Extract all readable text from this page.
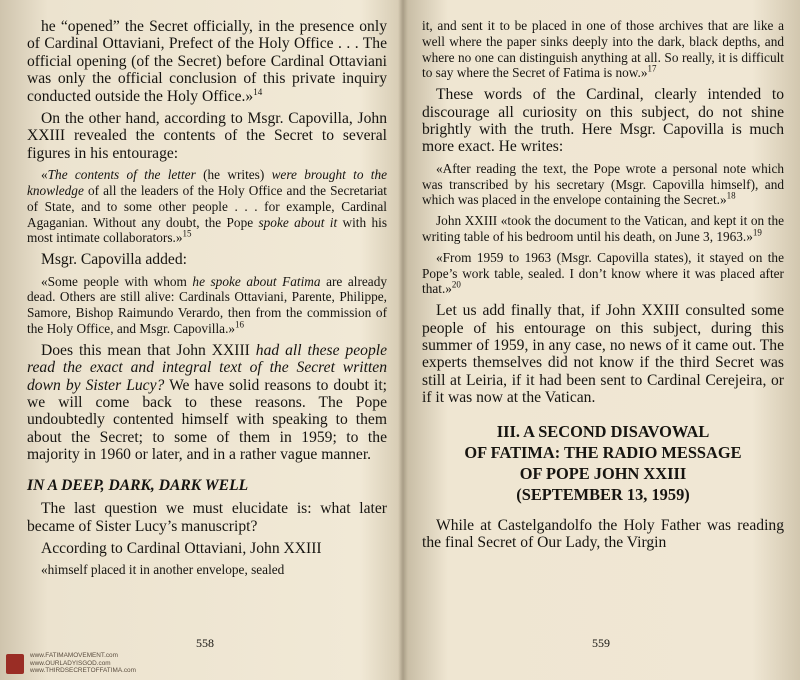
he “opened” the Secret officially, in the presence only of Cardinal Ottaviani, Prefect of the Holy Office . . . The official opening (of the Secret) before Cardinal Ottaviani was only the official conclusion of this private inquiry conducted outside the Holy Office.»$^{14}$

On the other hand, according to Msgr. Capovilla, John XXIII revealed the contents of the Secret to several figures in his entourage:

«The contents of the letter (he writes) were brought to the knowledge of all the leaders of the Holy Office and the Secretariat of State, and to some other people . . . for example, Cardinal Agaganian. Without any doubt, the Pope spoke about it with his most intimate collaborators.»$^{15}$

Msgr. Capovilla added:

«Some people with whom he spoke about Fatima are already dead. Others are still alive: Cardinals Ottaviani, Parente, Philippe, Samore, Bishop Raimundo Verardo, then from the commission of the Holy Office, and Msgr. Capovilla.»$^{16}$

Does this mean that John XXIII had all these people read the exact and integral text of the Secret written down by Sister Lucy? We have solid reasons to doubt it; we will come back to these reasons. The Pope undoubtedly contented himself with speaking to them about the Secret; to some of them in 1959; to the majority in 1960 or later, and in a rather vague manner.

IN A DEEP, DARK, DARK WELL

The last question we must elucidate is: what later became of Sister Lucy’s manuscript?

According to Cardinal Ottaviani, John XXIII

«himself placed it in another envelope, sealed

558

it, and sent it to be placed in one of those archives that are like a well where the paper sinks deeply into the dark, black depths, and where no one can distinguish anything at all. So really, it is difficult to say where the Secret of Fatima is now.»$^{17}$

These words of the Cardinal, clearly intended to discourage all curiosity on this subject, do not shine brightly with the truth. Here Msgr. Capovilla is much more exact. He writes:

«After reading the text, the Pope wrote a personal note which was transcribed by his secretary (Msgr. Capovilla himself), and which was placed in the envelope containing the Secret.»$^{18}$

John XXIII «took the document to the Vatican, and kept it on the writing table of his bedroom until his death, on June 3, 1963.»$^{19}$

«From 1959 to 1963 (Msgr. Capovilla states), it stayed on the Pope’s work table, sealed. I don’t know where it was placed after that.»$^{20}$

Let us add finally that, if John XXIII consulted some people of his entourage on this subject, during this summer of 1959, in any case, no news of it came out. The experts themselves did not know if the third Secret was still at Leiria, if it had been sent to Cardinal Cerejeira, or if it was now at the Vatican.

III. A SECOND DISAVOWAL
OF FATIMA: THE RADIO MESSAGE
OF POPE JOHN XXIII
(SEPTEMBER 13, 1959)

While at Castelgandolfo the Holy Father was reading the final Secret of Our Lady, the Virgin

559
www.FATIMAMOVEMENT.com
www.OURLADYISGOD.com
www.THIRDSECRETOFFATIMA.com
